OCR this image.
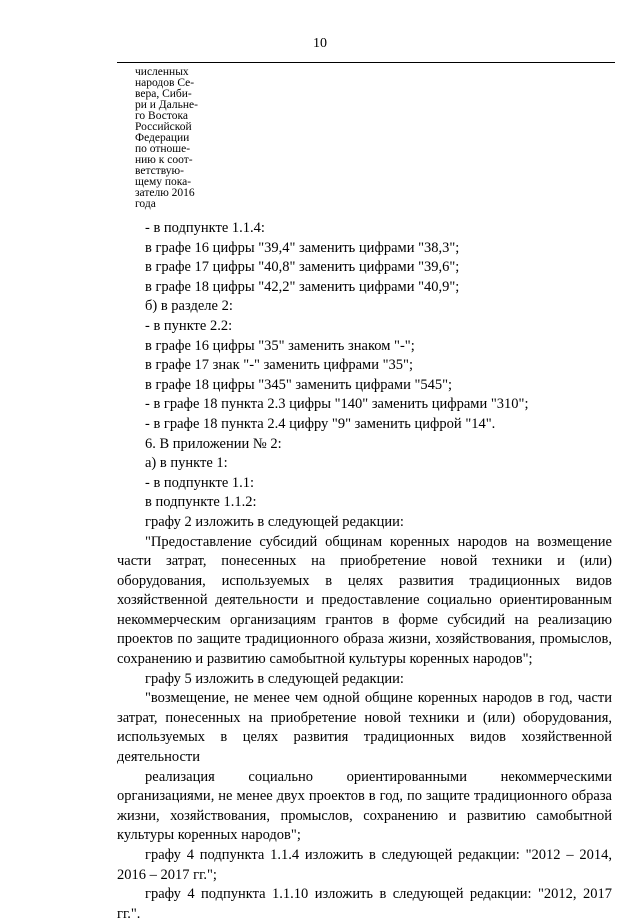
10
численных
народов Се-
вера, Сиби-
ри и Дальне-
го Востока
Российской
Федерации
по отноше-
нию к соот-
ветствую-
щему пока-
зателю 2016
года
- в подпункте 1.1.4:
в графе 16 цифры "39,4" заменить цифрами "38,3";
в графе 17 цифры "40,8" заменить цифрами "39,6";
в графе 18 цифры "42,2" заменить цифрами "40,9";
б) в разделе 2:
- в пункте 2.2:
в графе 16 цифры "35" заменить знаком "-";
в графе 17 знак "-" заменить цифрами "35";
в графе 18 цифры "345" заменить цифрами "545";
- в графе 18 пункта 2.3 цифры "140" заменить цифрами "310";
- в графе 18 пункта 2.4 цифру "9" заменить цифрой "14".
6. В приложении № 2:
а) в пункте 1:
- в подпункте 1.1:
в подпункте 1.1.2:
графу 2 изложить в следующей редакции:
"Предоставление субсидий общинам коренных народов на возмещение части затрат, понесенных на приобретение новой техники и (или) оборудования, используемых в целях развития традиционных видов хозяйственной деятельности и предоставление социально ориентированным некоммерческим организациям грантов в форме субсидий на реализацию проектов по защите традиционного образа жизни, хозяйствования, промыслов, сохранению и развитию самобытной культуры коренных народов";
графу 5 изложить в следующей редакции:
"возмещение, не менее чем одной общине коренных народов в год, части затрат, понесенных на приобретение новой техники и (или) оборудования, используемых в целях развития традиционных видов хозяйственной деятельности
реализация социально ориентированными некоммерческими организациями, не менее двух проектов в год, по защите традиционного образа жизни, хозяйствования, промыслов, сохранению и развитию самобытной культуры коренных народов";
графу 4 подпункта 1.1.4 изложить в следующей редакции: "2012 – 2014, 2016 – 2017 гг.";
графу 4 подпункта 1.1.10 изложить в следующей редакции: "2012, 2017 гг.".
